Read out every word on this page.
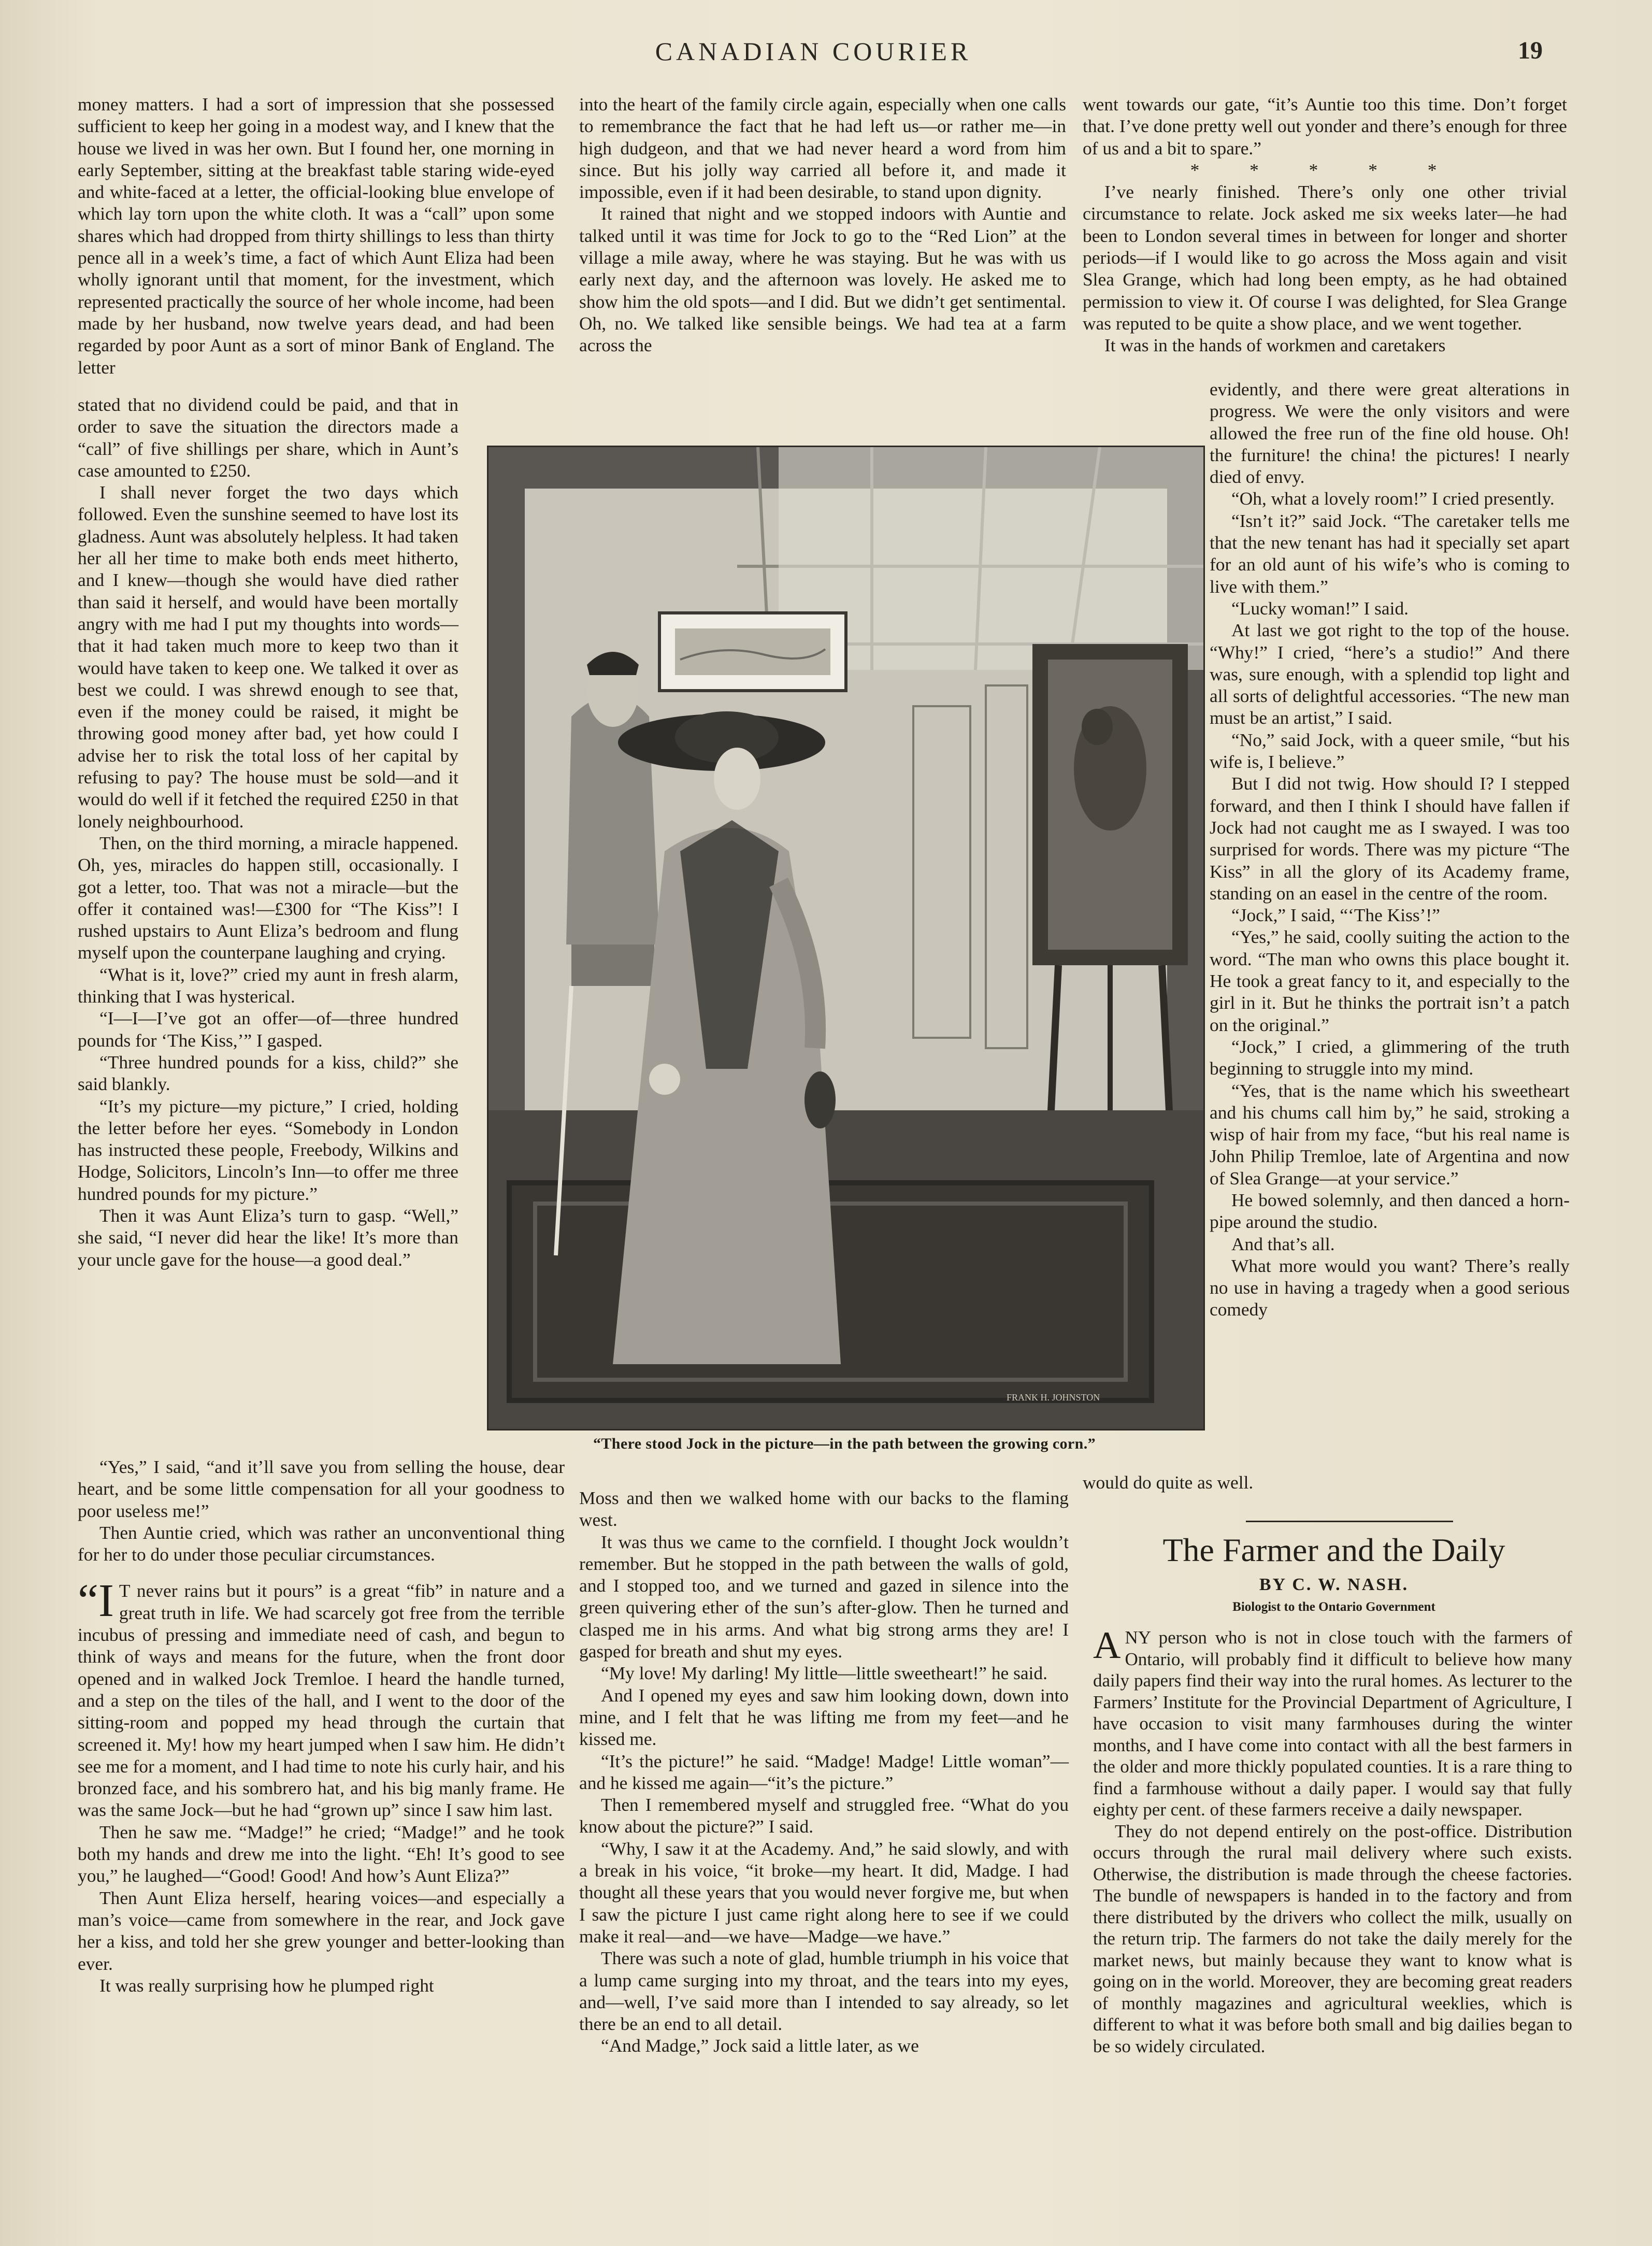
CANADIAN COURIER	19

money matters. I had a sort of impression that she possessed sufficient to keep her going in a modest way, and I knew that the house we lived in was her own. But I found her, one morning in early September, sitting at the breakfast table staring wide-eyed and white-faced at a letter, the official-looking blue envelope of which lay torn upon the white cloth. It was a “call” upon some shares which had dropped from thirty shillings to less than thirty pence all in a week’s time, a fact of which Aunt Eliza had been wholly ignorant until that moment, for the investment, which represented practically the source of her whole income, had been made by her husband, now twelve years dead, and had been regarded by poor Aunt as a sort of minor Bank of England. The letter

stated that no dividend could be paid, and that in order to save the situation the directors made a “call” of five shillings per share, which in Aunt’s case amounted to £250.

I shall never forget the two days which followed. Even the sunshine seemed to have lost its gladness. Aunt was absolutely helpless. It had taken her all her time to make both ends meet hitherto, and I knew—though she would have died rather than said it herself, and would have been mortally angry with me had I put my thoughts into words—that it had taken much more to keep two than it would have taken to keep one. We talked it over as best we could. I was shrewd enough to see that, even if the money could be raised, it might be throwing good money after bad, yet how could I advise her to risk the total loss of her capital by refusing to pay? The house must be sold—and it would do well if it fetched the required £250 in that lonely neighbourhood.

Then, on the third morning, a miracle happened. Oh, yes, miracles do happen still, occasionally. I got a letter, too. That was not a miracle—but the offer it contained was!—£300 for “The Kiss”! I rushed upstairs to Aunt Eliza’s bedroom and flung myself upon the counterpane laughing and crying.

“What is it, love?” cried my aunt in fresh alarm, thinking that I was hysterical.

“I—I—I’ve got an offer—of—three hundred pounds for ‘The Kiss,’” I gasped.

“Three hundred pounds for a kiss, child?” she said blankly.

“It’s my picture—my picture,” I cried, holding the letter before her eyes. “Somebody in London has instructed these people, Freebody, Wilkins and Hodge, Solicitors, Lincoln’s Inn—to offer me three hundred pounds for my picture.”

Then it was Aunt Eliza’s turn to gasp. “Well,” she said, “I never did hear the like! It’s more than your uncle gave for the house—a good deal.”

“Yes,” I said, “and it’ll save you from selling the house, dear heart, and be some little compensation for all your goodness to poor useless me!”

Then Auntie cried, which was rather an unconventional thing for her to do under those peculiar circumstances.

“I T never rains but it pours” is a great “fib” in nature and a great truth in life. We had scarcely got free from the terrible incubus of pressing and immediate need of cash, and begun to think of ways and means for the future, when the front door opened and in walked Jock Tremloe. I heard the handle turned, and a step on the tiles of the hall, and I went to the door of the sitting-room and popped my head through the curtain that screened it. My! how my heart jumped when I saw him. He didn’t see me for a moment, and I had time to note his curly hair, and his bronzed face, and his sombrero hat, and his big manly frame. He was the same Jock—but he had “grown up” since I saw him last.

Then he saw me. “Madge!” he cried; “Madge!” and he took both my hands and drew me into the light. “Eh! It’s good to see you,” he laughed—“Good! Good! And how’s Aunt Eliza?”

Then Aunt Eliza herself, hearing voices—and especially a man’s voice—came from somewhere in the rear, and Jock gave her a kiss, and told her she grew younger and better-looking than ever.

It was really surprising how he plumped right

into the heart of the family circle again, especially when one calls to remembrance the fact that he had left us—or rather me—in high dudgeon, and that we had never heard a word from him since. But his jolly way carried all before it, and made it impossible, even if it had been desirable, to stand upon dignity.

It rained that night and we stopped indoors with Auntie and talked until it was time for Jock to go to the “Red Lion” at the village a mile away, where he was staying. But he was with us early next day, and the afternoon was lovely. He asked me to show him the old spots—and I did. But we didn’t get sentimental. Oh, no. We talked like sensible beings. We had tea at a farm across the

Moss and then we walked home with our backs to the flaming west.

It was thus we came to the cornfield. I thought Jock wouldn’t remember. But he stopped in the path between the walls of gold, and I stopped too, and we turned and gazed in silence into the green quivering ether of the sun’s after-glow. Then he turned and clasped me in his arms. And what big strong arms they are! I gasped for breath and shut my eyes.

“My love! My darling! My little—little sweetheart!” he said.

And I opened my eyes and saw him looking down, down into mine, and I felt that he was lifting me from my feet—and he kissed me.

“It’s the picture!” he said. “Madge! Madge! Little woman”—and he kissed me again—“it’s the picture.”

Then I remembered myself and struggled free. “What do you know about the picture?” I said.

“Why, I saw it at the Academy. And,” he said slowly, and with a break in his voice, “it broke—my heart. It did, Madge. I had thought all these years that you would never forgive me, but when I saw the picture I just came right along here to see if we could make it real—and—we have—Madge—we have.”

There was such a note of glad, humble triumph in his voice that a lump came surging into my throat, and the tears into my eyes, and—well, I’ve said more than I intended to say already, so let there be an end to all detail.

“And Madge,” Jock said a little later, as we

went towards our gate, “it’s Auntie too this time. Don’t forget that. I’ve done pretty well out yonder and there’s enough for three of us and a bit to spare.”

* * * * *

I’ve nearly finished. There’s only one other trivial circumstance to relate. Jock asked me six weeks later—he had been to London several times in between for longer and shorter periods—if I would like to go across the Moss again and visit Slea Grange, which had long been empty, as he had obtained permission to view it. Of course I was delighted, for Slea Grange was reputed to be quite a show place, and we went together.

It was in the hands of workmen and caretakers

evidently, and there were great alterations in progress. We were the only visitors and were allowed the free run of the fine old house. Oh! the furniture! the china! the pictures! I nearly died of envy.

“Oh, what a lovely room!” I cried presently.

“Isn’t it?” said Jock. “The caretaker tells me that the new tenant has had it specially set apart for an old aunt of his wife’s who is coming to live with them.”

“Lucky woman!” I said.

At last we got right to the top of the house. “Why!” I cried, “here’s a studio!” And there was, sure enough, with a splendid top light and all sorts of delightful accessories. “The new man must be an artist,” I said.

“No,” said Jock, with a queer smile, “but his wife is, I believe.”

But I did not twig. How should I? I stepped forward, and then I think I should have fallen if Jock had not caught me as I swayed. I was too surprised for words. There was my picture “The Kiss” in all the glory of its Academy frame, standing on an easel in the centre of the room.

“Jock,” I said, “‘The Kiss’!”

“Yes,” he said, coolly suiting the action to the word. “The man who owns this place bought it. He took a great fancy to it, and especially to the girl in it. But he thinks the portrait isn’t a patch on the original.”

“Jock,” I cried, a glimmering of the truth beginning to struggle into my mind.

“Yes, that is the name which his sweetheart and his chums call him by,” he said, stroking a wisp of hair from my face, “but his real name is John Philip Tremloe, late of Argentina and now of Slea Grange—at your service.”

He bowed solemnly, and then danced a horn-pipe around the studio.

And that’s all.

What more would you want? There’s really no use in having a tragedy when a good serious comedy

would do quite as well.

FRANK H. JOHNSTON
“There stood Jock in the picture—in the path between the growing corn.”
The Farmer and the Daily
BY C. W. NASH.
Biologist to the Ontario Government

ANY person who is not in close touch with the farmers of Ontario, will probably find it difficult to believe how many daily papers find their way into the rural homes. As lecturer to the Farmers’ Institute for the Provincial Department of Agriculture, I have occasion to visit many farmhouses during the winter months, and I have come into contact with all the best farmers in the older and more thickly populated counties. It is a rare thing to find a farmhouse without a daily paper. I would say that fully eighty per cent. of these farmers receive a daily newspaper.

They do not depend entirely on the post-office. Distribution occurs through the rural mail delivery where such exists. Otherwise, the distribution is made through the cheese factories. The bundle of newspapers is handed in to the factory and from there distributed by the drivers who collect the milk, usually on the return trip. The farmers do not take the daily merely for the market news, but mainly because they want to know what is going on in the world. Moreover, they are becoming great readers of monthly magazines and agricultural weeklies, which is different to what it was before both small and big dailies began to be so widely circulated.
